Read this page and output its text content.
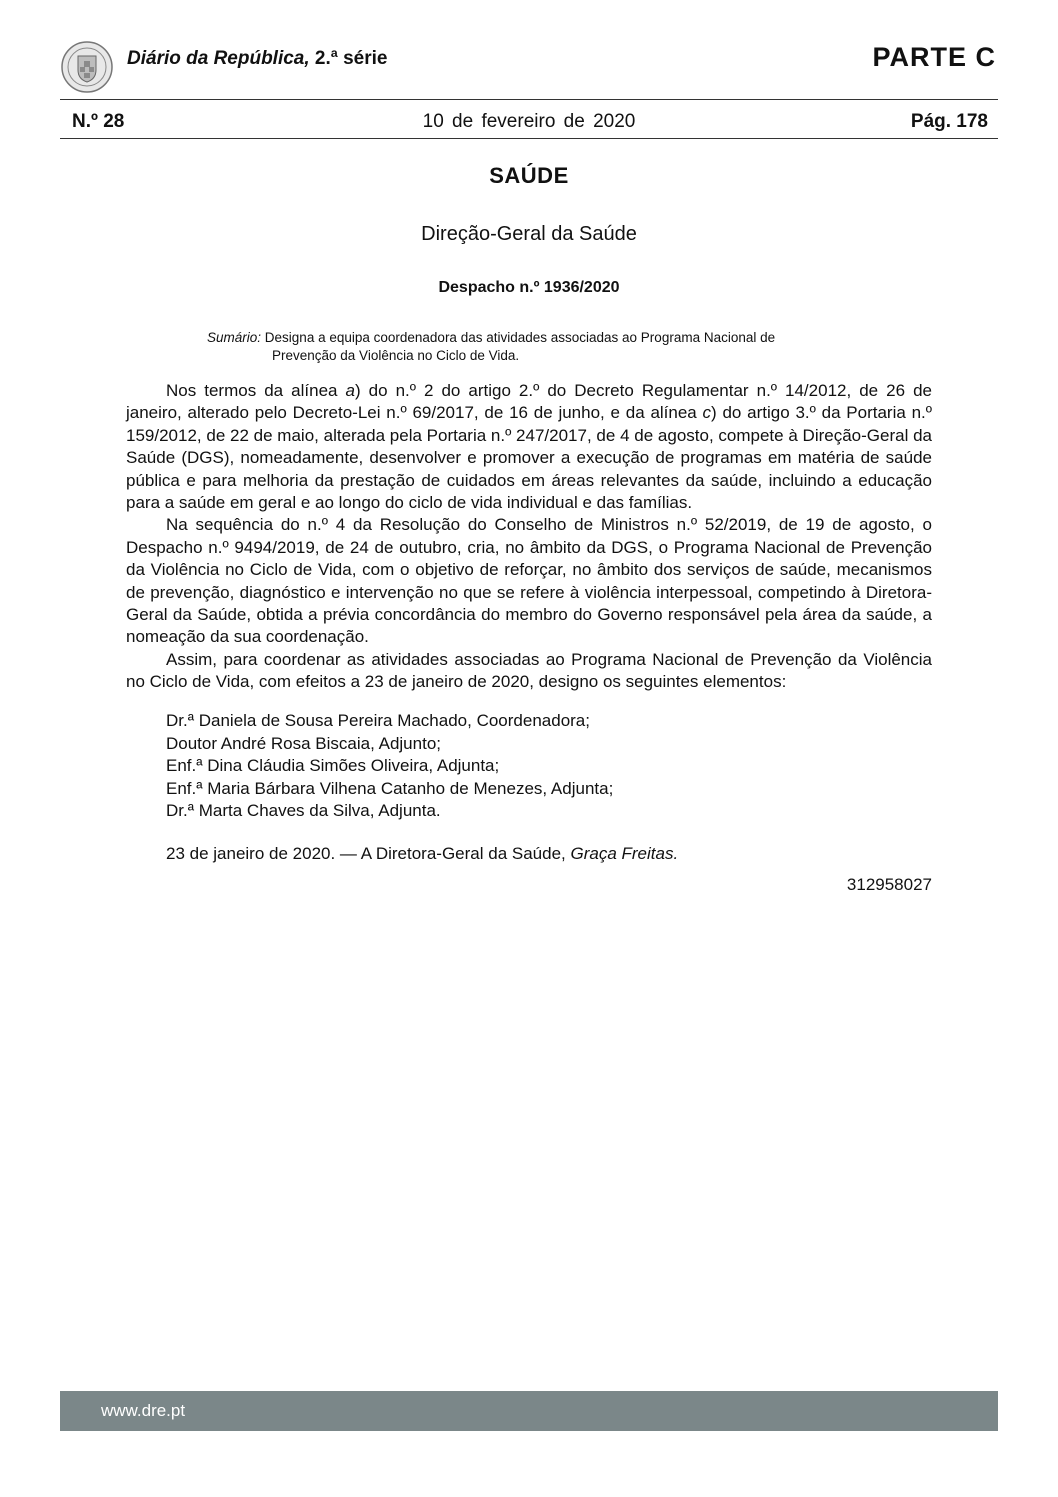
Diário da República, 2.ª série	PARTE C
N.º 28	10 de fevereiro de 2020	Pág. 178
SAÚDE
Direção-Geral da Saúde
Despacho n.º 1936/2020
Sumário: Designa a equipa coordenadora das atividades associadas ao Programa Nacional de
Prevenção da Violência no Ciclo de Vida.

Nos termos da alínea a) do n.º 2 do artigo 2.º do Decreto Regulamentar n.º 14/2012, de 26 de janeiro, alterado pelo Decreto-Lei n.º 69/2017, de 16 de junho, e da alínea c) do artigo 3.º da Portaria n.º 159/2012, de 22 de maio, alterada pela Portaria n.º 247/2017, de 4 de agosto, compete à Direção-Geral da Saúde (DGS), nomeadamente, desenvolver e promover a execução de programas em matéria de saúde pública e para melhoria da prestação de cuidados em áreas relevantes da saúde, incluindo a educação para a saúde em geral e ao longo do ciclo de vida individual e das famílias.

Na sequência do n.º 4 da Resolução do Conselho de Ministros n.º 52/2019, de 19 de agosto, o Despacho n.º 9494/2019, de 24 de outubro, cria, no âmbito da DGS, o Programa Nacional de Prevenção da Violência no Ciclo de Vida, com o objetivo de reforçar, no âmbito dos serviços de saúde, mecanismos de prevenção, diagnóstico e intervenção no que se refere à violência interpessoal, competindo à Diretora-Geral da Saúde, obtida a prévia concordância do membro do Governo responsável pela área da saúde, a nomeação da sua coordenação.

Assim, para coordenar as atividades associadas ao Programa Nacional de Prevenção da Violência no Ciclo de Vida, com efeitos a 23 de janeiro de 2020, designo os seguintes elementos:

Dr.ª Daniela de Sousa Pereira Machado, Coordenadora;
Doutor André Rosa Biscaia, Adjunto;
Enf.ª Dina Cláudia Simões Oliveira, Adjunta;
Enf.ª Maria Bárbara Vilhena Catanho de Menezes, Adjunta;
Dr.ª Marta Chaves da Silva, Adjunta.
23 de janeiro de 2020. — A Diretora-Geral da Saúde, Graça Freitas.
312958027
www.dre.pt
